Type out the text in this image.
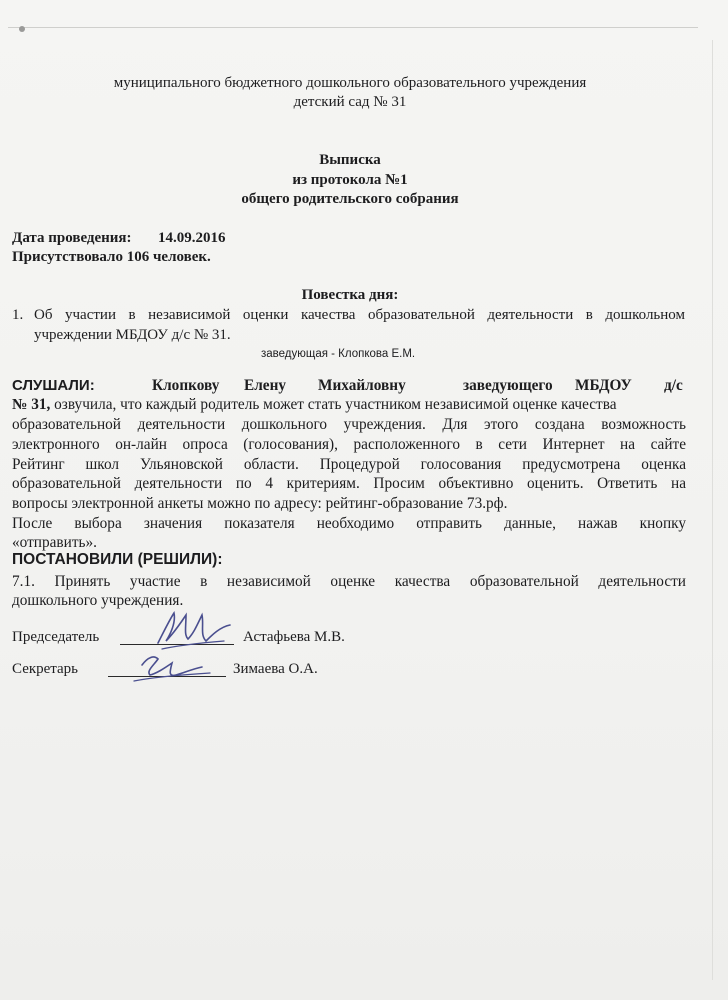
муниципального бюджетного дошкольного образовательного учреждения
детский сад № 31
Выписка
из протокола №1
общего родительского собрания
Дата проведения: 14.09.2016
Присутствовало 106 человек.
Повестка дня:
1. Об участии в независимой оценки качества образовательной деятельности в дошкольном
учреждении МБДОУ д/с № 31.
заведующая - Клопкова Е.М.
СЛУШАЛИ:	Клопкову Елену Михайловну	заведующего МБДОУ д/с
№ 31, озвучила, что каждый родитель может стать участником независимой оценке качества
образовательной деятельности дошкольного учреждения. Для этого создана возможность
электронного он-лайн опроса (голосования), расположенного в сети Интернет на сайте
Рейтинг школ Ульяновской области. Процедурой голосования предусмотрена оценка
образовательной деятельности по 4 критериям. Просим объективно оценить. Ответить на
вопросы электронной анкеты можно по адресу: рейтинг-образование 73.рф.
После выбора значения показателя необходимо отправить данные, нажав кнопку
«отправить».
ПОСТАНОВИЛИ (РЕШИЛИ):
7.1. Принять участие в независимой оценке качества образовательной деятельности
дошкольного учреждения.
Председатель	Астафьева М.В.
Секретарь	Зимаева О.А.
